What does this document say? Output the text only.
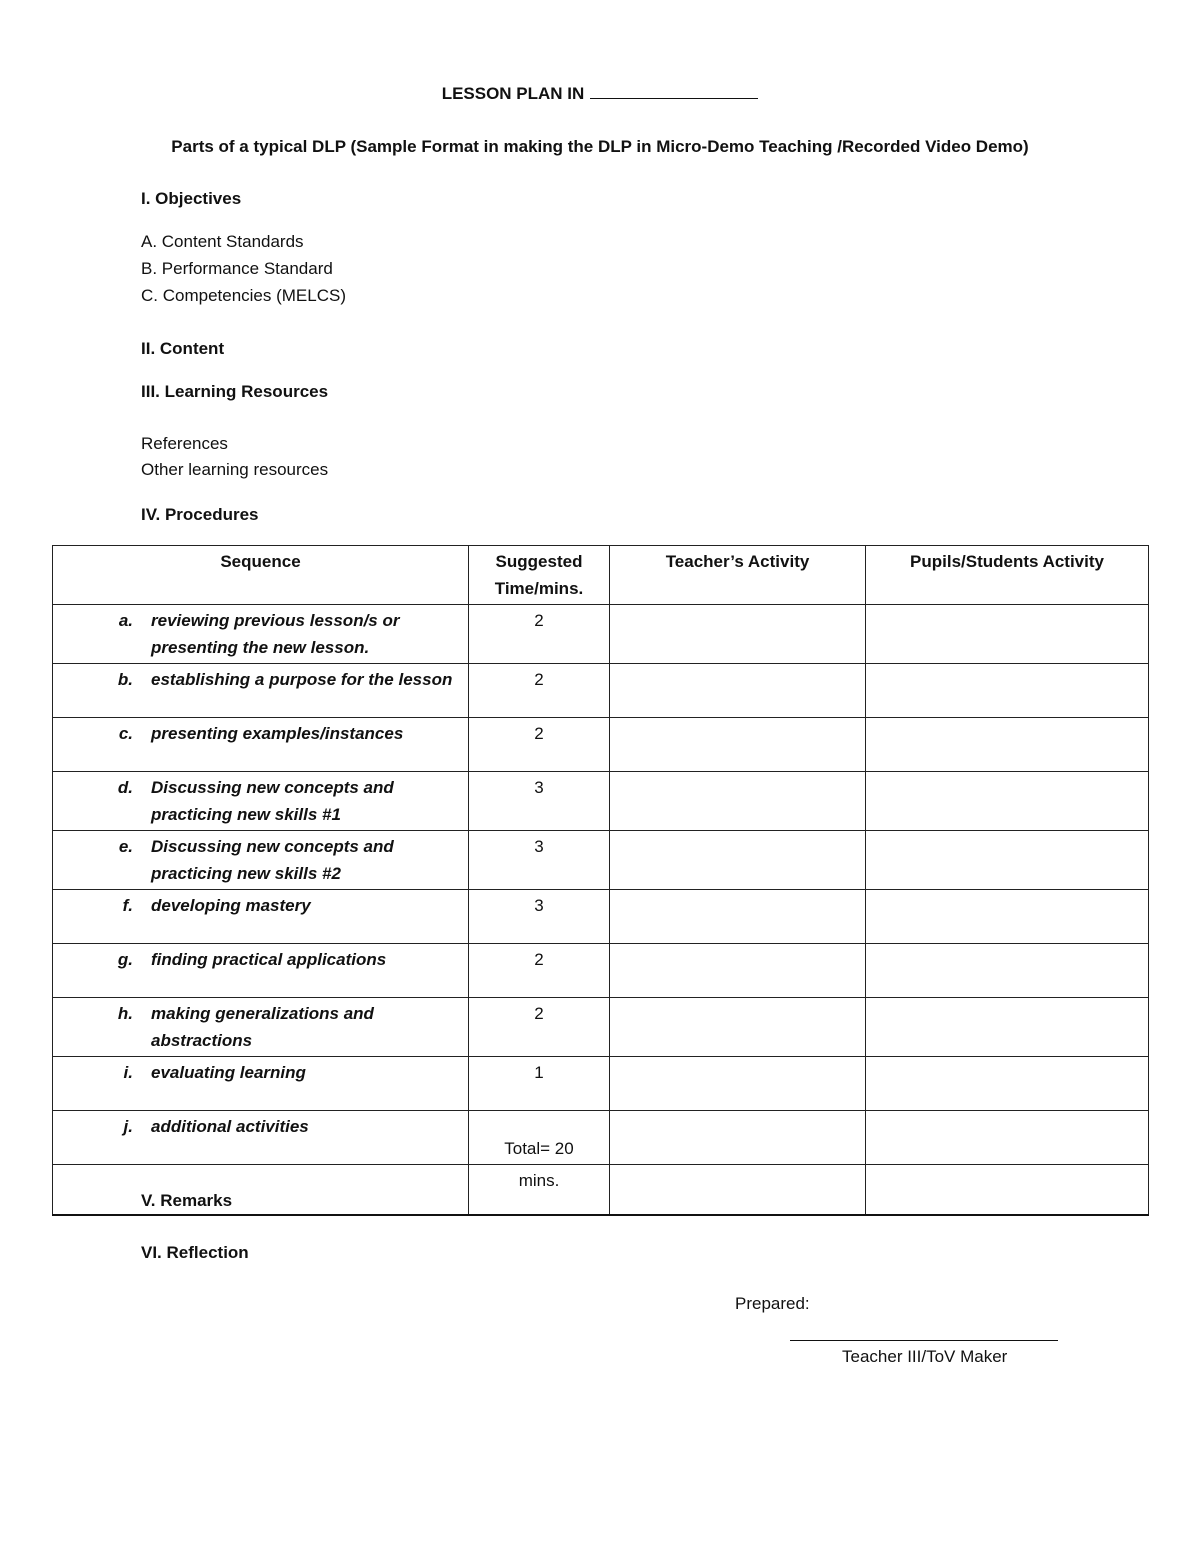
LESSON PLAN IN
Parts of a typical DLP (Sample Format in making the DLP in Micro-Demo Teaching /Recorded Video Demo)
I. Objectives
A. Content Standards
B. Performance Standard
C. Competencies (MELCS)
II. Content
III. Learning Resources
References
Other learning resources
IV. Procedures
Sequence	Suggested Time/mins.	Teacher’s Activity	Pupils/Students Activity

a. reviewing previous lesson/s or presenting the new lesson.	2		

b. establishing a purpose for the lesson	2		

c. presenting examples/instances	2		

d. Discussing new concepts and practicing new skills #1	3		

e. Discussing new concepts and practicing new skills #2	3		

f. developing mastery	3		

g. finding practical applications	2		

h. making generalizations and abstractions	2		

i. evaluating learning	1		

j. additional activities	Total= 20		
	mins.		
V. Remarks
VI. Reflection
Prepared:
Teacher III/ToV Maker
